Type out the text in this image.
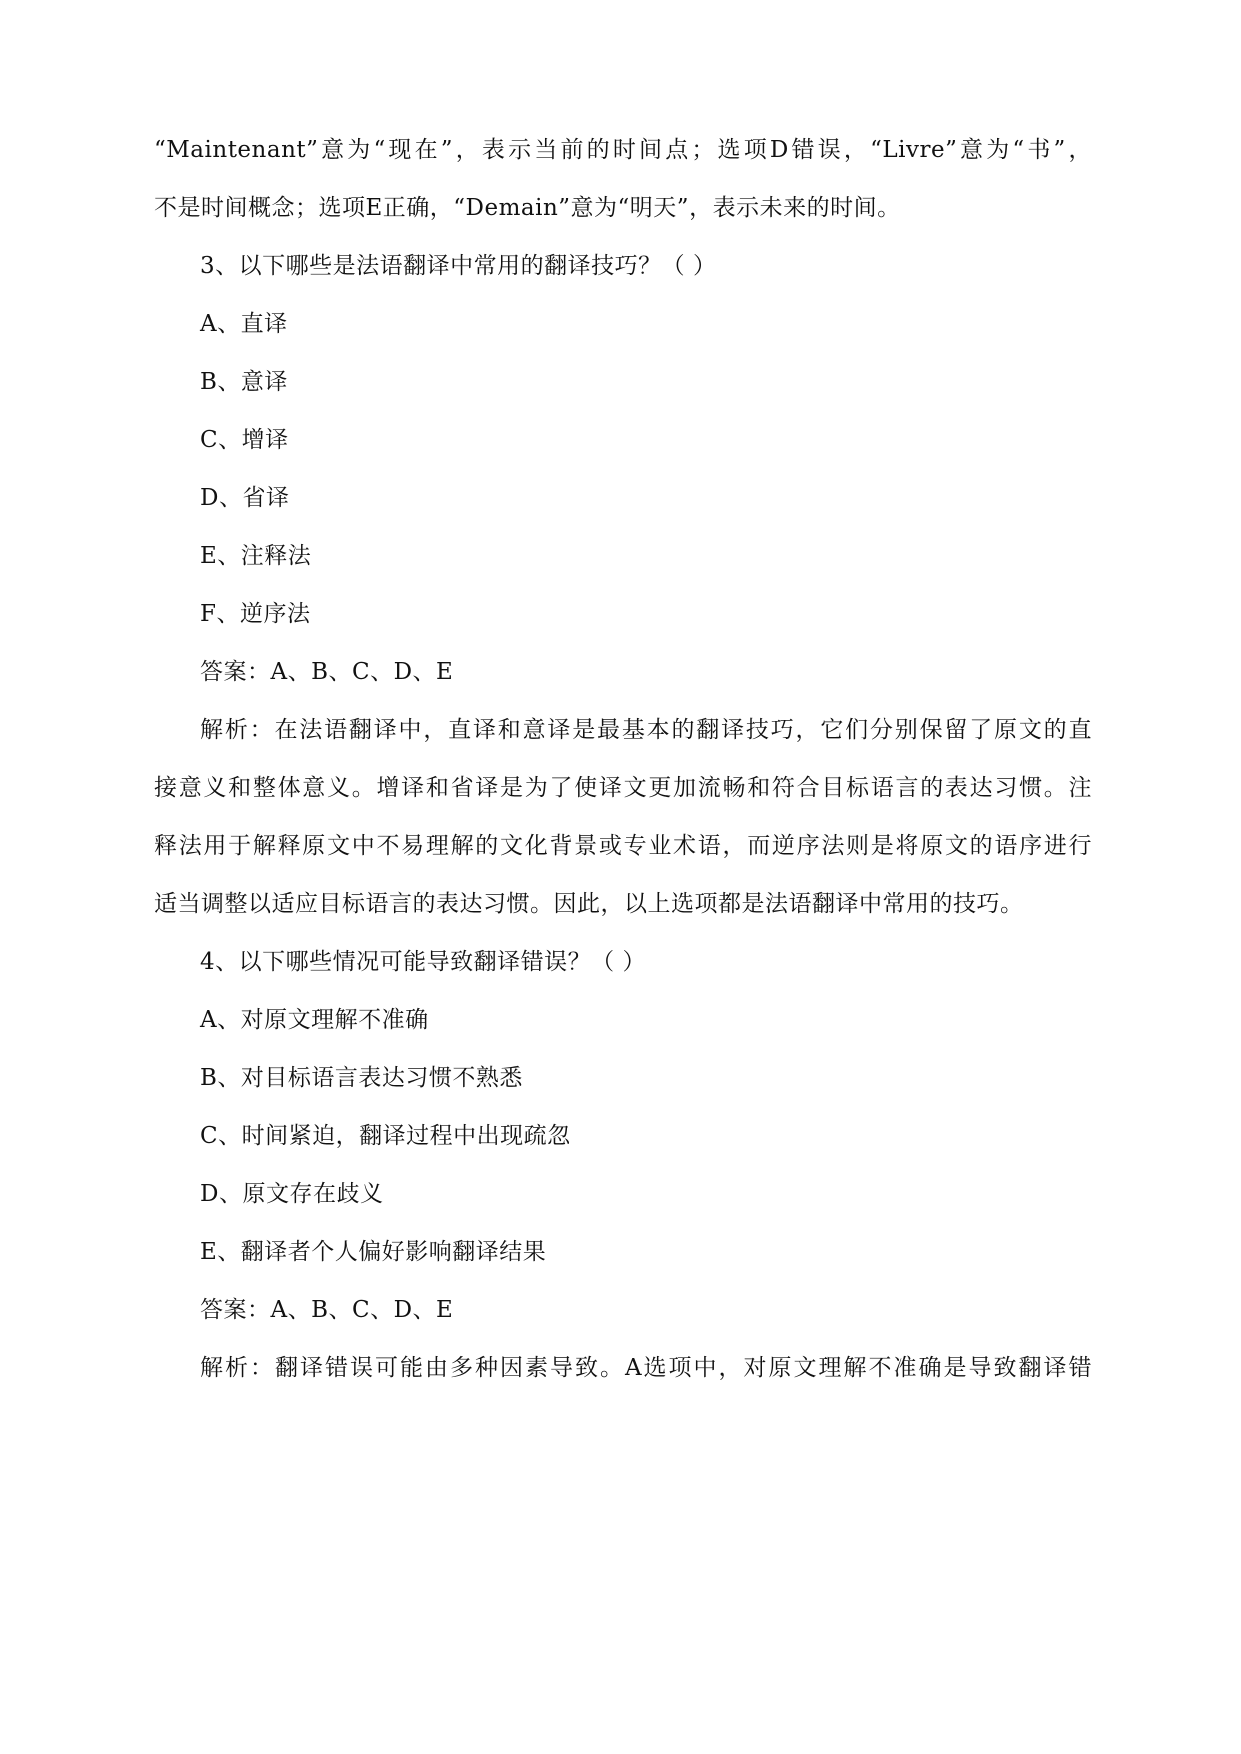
“Maintenant”意为“现在”，表示当前的时间点；选项D错误，“Livre”意为“书”，
不是时间概念；选项E正确，“Demain”意为“明天”，表示未来的时间。
3、以下哪些是法语翻译中常用的翻译技巧？（ ）
A、直译
B、意译
C、增译
D、省译
E、注释法
F、逆序法
答案：A、B、C、D、E
解析：在法语翻译中，直译和意译是最基本的翻译技巧，它们分别保留了原文的直
接意义和整体意义。增译和省译是为了使译文更加流畅和符合目标语言的表达习惯。注
释法用于解释原文中不易理解的文化背景或专业术语，而逆序法则是将原文的语序进行
适当调整以适应目标语言的表达习惯。因此，以上选项都是法语翻译中常用的技巧。
4、以下哪些情况可能导致翻译错误？（ ）
A、对原文理解不准确
B、对目标语言表达习惯不熟悉
C、时间紧迫，翻译过程中出现疏忽
D、原文存在歧义
E、翻译者个人偏好影响翻译结果
答案：A、B、C、D、E
解析：翻译错误可能由多种因素导致。A选项中，对原文理解不准确是导致翻译错
